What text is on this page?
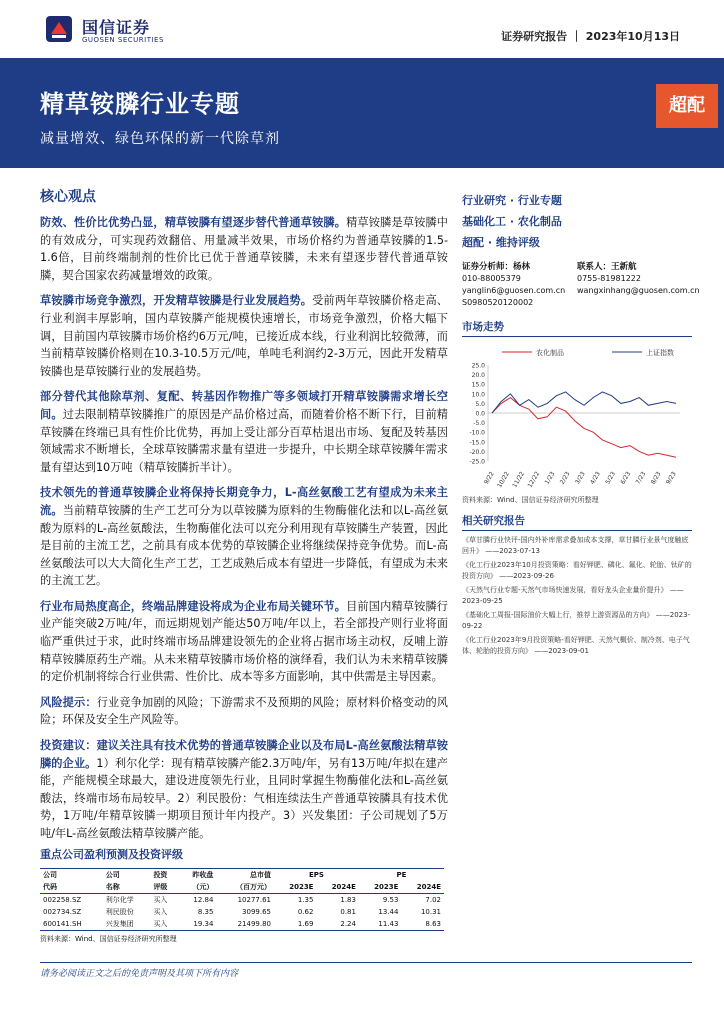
国信证券
GUOSEN SECURITIES	证券研究报告 ｜ 2023年10月13日
精草铵膦行业专题
减量增效、绿色环保的新一代除草剂
超配
核心观点

防效、性价比优势凸显，精草铵膦有望逐步替代普通草铵膦。精草铵膦是草铵膦中的有效成分，可实现药效翻倍、用量减半效果，市场价格约为普通草铵膦的1.5-1.6倍，目前终端制剂的性价比已优于普通草铵膦，未来有望逐步替代普通草铵膦，契合国家农药减量增效的政策。

草铵膦市场竞争激烈，开发精草铵膦是行业发展趋势。受前两年草铵膦价格走高、行业利润丰厚影响，国内草铵膦产能规模快速增长，市场竞争激烈，价格大幅下调，目前国内草铵膦市场价格约6万元/吨，已接近成本线，行业利润比较微薄，而当前精草铵膦价格则在10.3-10.5万元/吨，单吨毛利润约2-3万元，因此开发精草铵膦也是草铵膦行业的发展趋势。

部分替代其他除草剂、复配、转基因作物推广等多领域打开精草铵膦需求增长空间。过去限制精草铵膦推广的原因是产品价格过高，而随着价格不断下行，目前精草铵膦在终端已具有性价比优势，再加上受让部分百草枯退出市场、复配及转基因领域需求不断增长，全球草铵膦需求量有望进一步提升，中长期全球草铵膦年需求量有望达到10万吨（精草铵膦折半计）。

技术领先的普通草铵膦企业将保持长期竞争力，L-高丝氨酸工艺有望成为未来主流。当前精草铵膦的生产工艺可分为以草铵膦为原料的生物酶催化法和以L-高丝氨酸为原料的L-高丝氨酸法，生物酶催化法可以充分利用现有草铵膦生产装置，因此是目前的主流工艺，之前具有成本优势的草铵膦企业将继续保持竞争优势。而L-高丝氨酸法可以大大简化生产工艺，工艺成熟后成本有望进一步降低，有望成为未来的主流工艺。

行业布局热度高企，终端品牌建设将成为企业布局关键环节。目前国内精草铵膦行业产能突破2万吨/年，而远期规划产能达50万吨/年以上，若全部投产则行业将面临严重供过于求，此时终端市场品牌建设领先的企业将占据市场主动权，反哺上游精草铵膦原药生产端。从未来精草铵膦市场价格的演绎看，我们认为未来精草铵膦的定价机制将综合行业供需、性价比、成本等多方面影响，其中供需是主导因素。

风险提示：行业竞争加剧的风险；下游需求不及预期的风险；原材料价格变动的风险；环保及安全生产风险等。

投资建议：建议关注具有技术优势的普通草铵膦企业以及布局L-高丝氨酸法精草铵膦的企业。1）利尔化学：现有精草铵膦产能2.3万吨/年，另有13万吨/年拟在建产能，产能规模全球最大，建设进度领先行业，且同时掌握生物酶催化法和L-高丝氨酸法，终端市场布局较早。2）利民股份：气相连续法生产普通草铵膦具有技术优势，1万吨/年精草铵膦一期项目预计年内投产。3）兴发集团：子公司规划了5万吨/年L-高丝氨酸法精草铵膦产能。

行业研究 · 行业专题
基础化工 · 农化制品
超配 · 维持评级
证券分析师：杨林
010-88005379
yanglin6@guosen.com.cn
S0980520120002
联系人：王新航
0755-81981222
wangxinhang@guosen.com.cn
市场走势
农化制品	上证指数
25.0
20.0
15.0
10.0
5.0
0.0
-5.0
-10.0
-15.0
-20.0
-25.0
9/22 10/22 11/22 12/22 1/23 2/23 3/23 4/23 5/23 6/23 7/23 8/23 9/23
资料来源：Wind、国信证券经济研究所整理
相关研究报告
《草甘膦行业快评-国内外补库需求叠加成本支撑，草甘膦行业景气度触底回升》 ——2023-07-13
《化工行业2023年10月投资策略：看好钾肥、磷化、氟化、轮胎、钛矿的投资方向》 ——2023-09-26
《天然气行业专题-天然气市场快速发展，看好龙头企业量价提升》 ——2023-09-25
《基础化工周报-国际油价大幅上行，推荐上游资源品的方向》 ——2023-09-22
《化工行业2023年9月投资策略-看好钾肥、天然气概价、制冷剂、电子气体、轮胎的投资方向》 ——2023-09-01
重点公司盈利预测及投资评级
公司	公司	投资	昨收盘	总市值	EPS		PE	
代码	名称	评级	（元）	（百万元）	2023E	2024E	2023E	2024E
002258.SZ	利尔化学	买入	12.84	10277.61	1.35	1.83	9.53	7.02
002734.SZ	利民股份	买入	8.35	3099.65	0.62	0.81	13.44	10.31
600141.SH	兴发集团	买入	19.34	21499.80	1.69	2.24	11.43	8.63
资料来源：Wind、国信证券经济研究所整理
请务必阅读正文之后的免责声明及其项下所有内容
